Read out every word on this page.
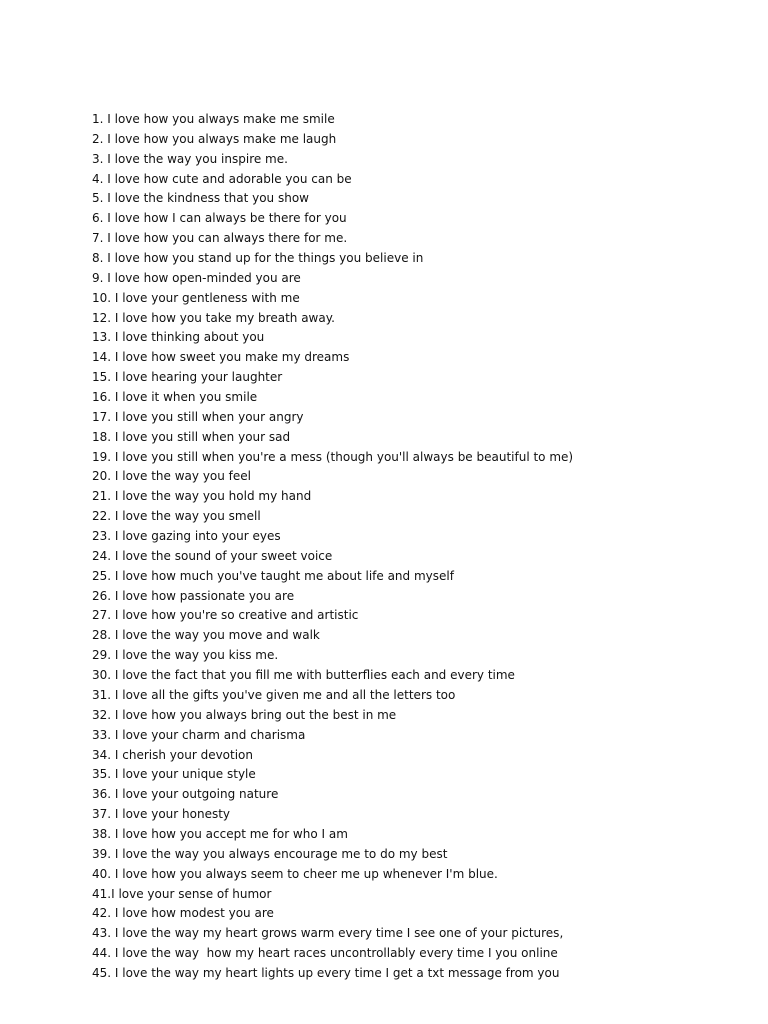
1. I love how you always make me smile
2. I love how you always make me laugh
3. I love the way you inspire me.
4. I love how cute and adorable you can be
5. I love the kindness that you show
6. I love how I can always be there for you
7. I love how you can always there for me.
8. I love how you stand up for the things you believe in
9. I love how open-minded you are
10. I love your gentleness with me
12. I love how you take my breath away.
13. I love thinking about you
14. I love how sweet you make my dreams
15. I love hearing your laughter
16. I love it when you smile
17. I love you still when your angry
18. I love you still when your sad
19. I love you still when you're a mess (though you'll always be beautiful to me)
20. I love the way you feel
21. I love the way you hold my hand
22. I love the way you smell
23. I love gazing into your eyes
24. I love the sound of your sweet voice
25. I love how much you've taught me about life and myself
26. I love how passionate you are
27. I love how you're so creative and artistic
28. I love the way you move and walk
29. I love the way you kiss me.
30. I love the fact that you fill me with butterflies each and every time
31. I love all the gifts you've given me and all the letters too
32. I love how you always bring out the best in me
33. I love your charm and charisma
34. I cherish your devotion
35. I love your unique style
36. I love your outgoing nature
37. I love your honesty
38. I love how you accept me for who I am
39. I love the way you always encourage me to do my best
40. I love how you always seem to cheer me up whenever I'm blue.
41.I love your sense of humor
42. I love how modest you are
43. I love the way my heart grows warm every time I see one of your pictures,
44. I love the way  how my heart races uncontrollably every time I you online
45. I love the way my heart lights up every time I get a txt message from you
